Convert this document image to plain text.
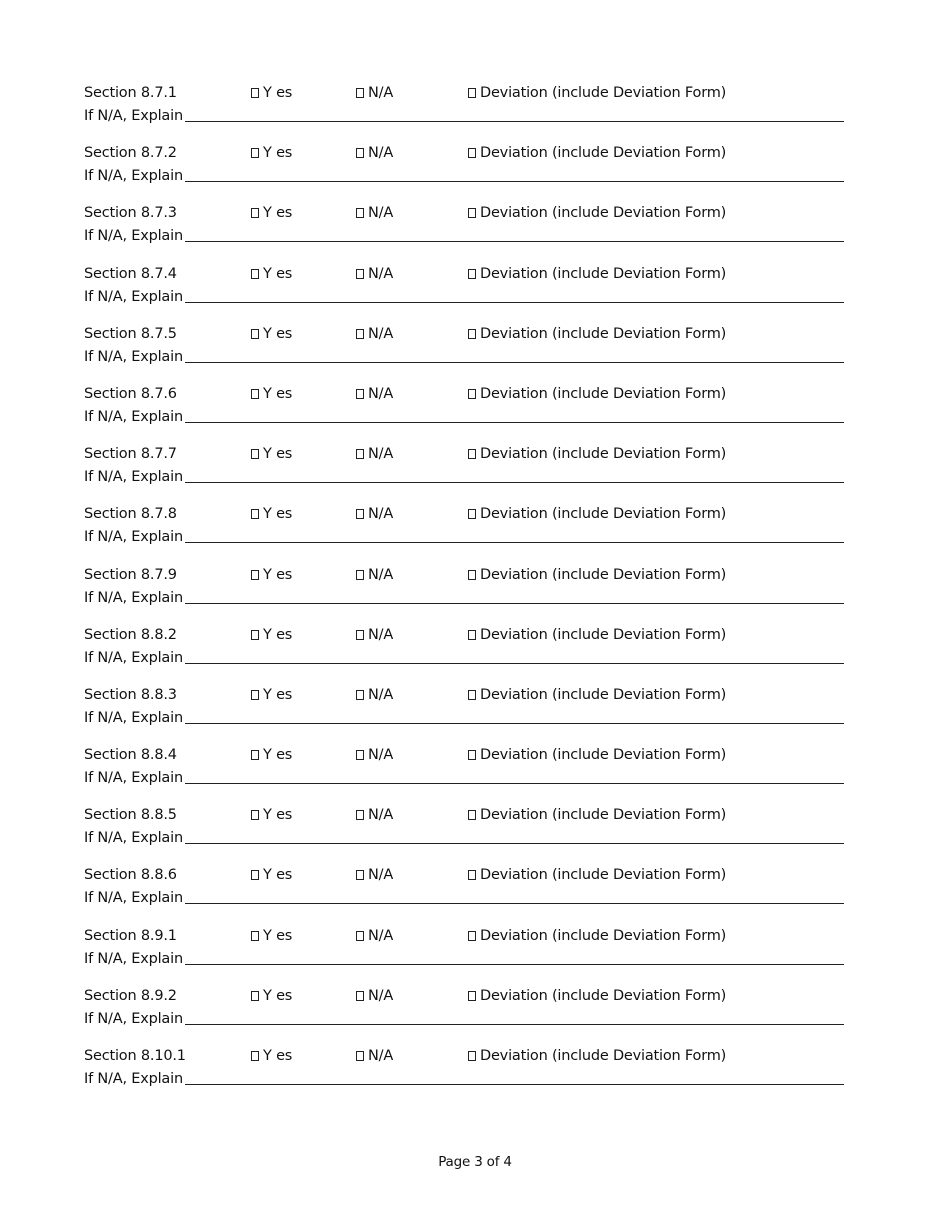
Section 8.7.1	Y es	N/A	Deviation (include Deviation Form)
If N/A, Explain
Section 8.7.2	Y es	N/A	Deviation (include Deviation Form)
If N/A, Explain
Section 8.7.3	Y es	N/A	Deviation (include Deviation Form)
If N/A, Explain
Section 8.7.4	Y es	N/A	Deviation (include Deviation Form)
If N/A, Explain
Section 8.7.5	Y es	N/A	Deviation (include Deviation Form)
If N/A, Explain
Section 8.7.6	Y es	N/A	Deviation (include Deviation Form)
If N/A, Explain
Section 8.7.7	Y es	N/A	Deviation (include Deviation Form)
If N/A, Explain
Section 8.7.8	Y es	N/A	Deviation (include Deviation Form)
If N/A, Explain
Section 8.7.9	Y es	N/A	Deviation (include Deviation Form)
If N/A, Explain
Section 8.8.2	Y es	N/A	Deviation (include Deviation Form)
If N/A, Explain
Section 8.8.3	Y es	N/A	Deviation (include Deviation Form)
If N/A, Explain
Section 8.8.4	Y es	N/A	Deviation (include Deviation Form)
If N/A, Explain
Section 8.8.5	Y es	N/A	Deviation (include Deviation Form)
If N/A, Explain
Section 8.8.6	Y es	N/A	Deviation (include Deviation Form)
If N/A, Explain
Section 8.9.1	Y es	N/A	Deviation (include Deviation Form)
If N/A, Explain
Section 8.9.2	Y es	N/A	Deviation (include Deviation Form)
If N/A, Explain
Section 8.10.1	Y es	N/A	Deviation (include Deviation Form)
If N/A, Explain
Page 3 of 4
